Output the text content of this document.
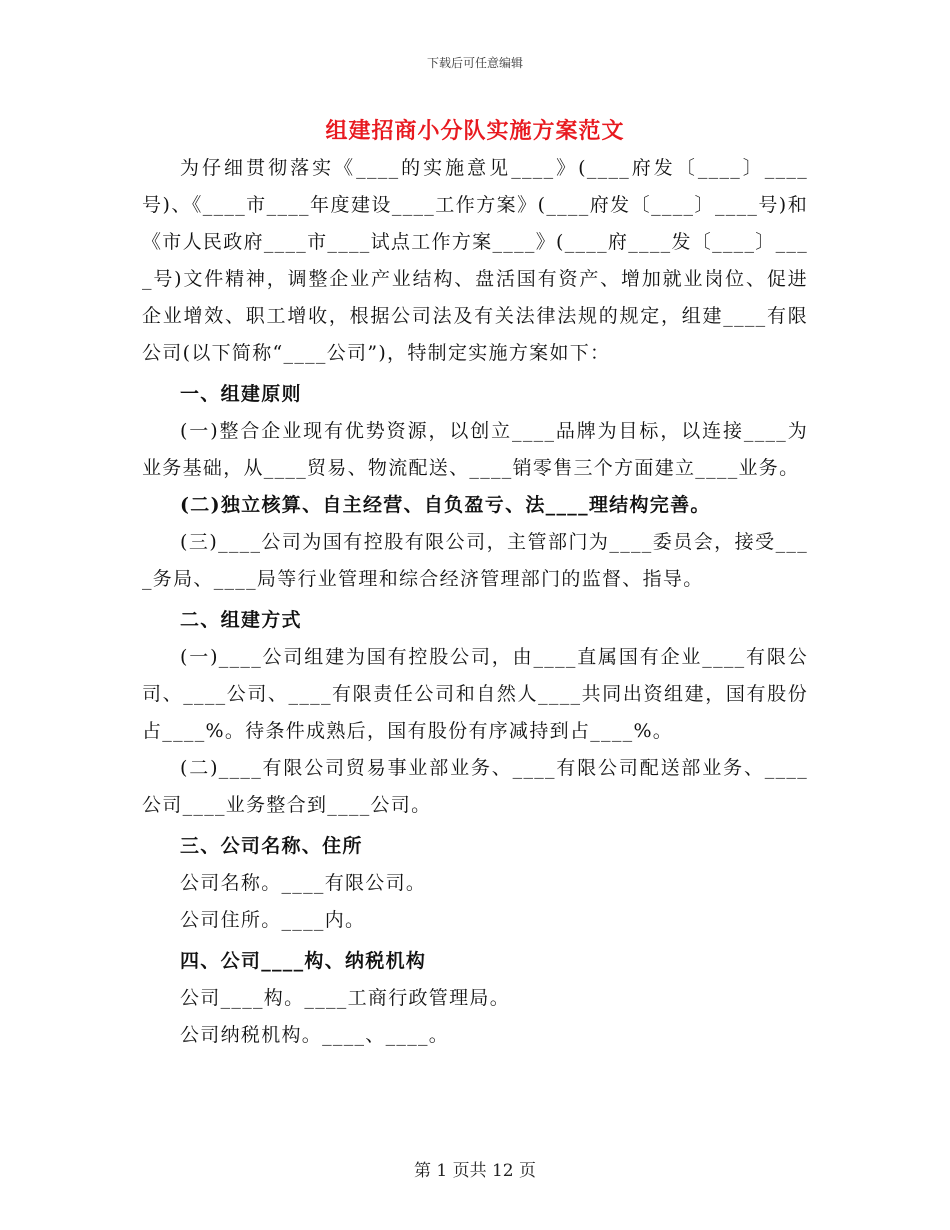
下载后可任意编辑
组建招商小分队实施方案范文

为仔细贯彻落实《____的实施意见____》(____府发〔____〕____号)、《____市____年度建设____工作方案》(____府发〔____〕____号)和《市人民政府____市____试点工作方案____》(____府____发〔____〕____号)文件精神，调整企业产业结构、盘活国有资产、增加就业岗位、促进企业增效、职工增收，根据公司法及有关法律法规的规定，组建____有限公司(以下简称“____公司”)，特制定实施方案如下：

一、组建原则

(一)整合企业现有优势资源，以创立____品牌为目标，以连接____为业务基础，从____贸易、物流配送、____销零售三个方面建立____业务。

(二)独立核算、自主经营、自负盈亏、法____理结构完善。

(三)____公司为国有控股有限公司，主管部门为____委员会，接受____务局、____局等行业管理和综合经济管理部门的监督、指导。

二、组建方式

(一)____公司组建为国有控股公司，由____直属国有企业____有限公司、____公司、____有限责任公司和自然人____共同出资组建，国有股份占____%。待条件成熟后，国有股份有序减持到占____%。

(二)____有限公司贸易事业部业务、____有限公司配送部业务、____公司____业务整合到____公司。

三、公司名称、住所

公司名称。____有限公司。

公司住所。____内。

四、公司____构、纳税机构

公司____构。____工商行政管理局。

公司纳税机构。____、____。

第 1 页共 12 页
